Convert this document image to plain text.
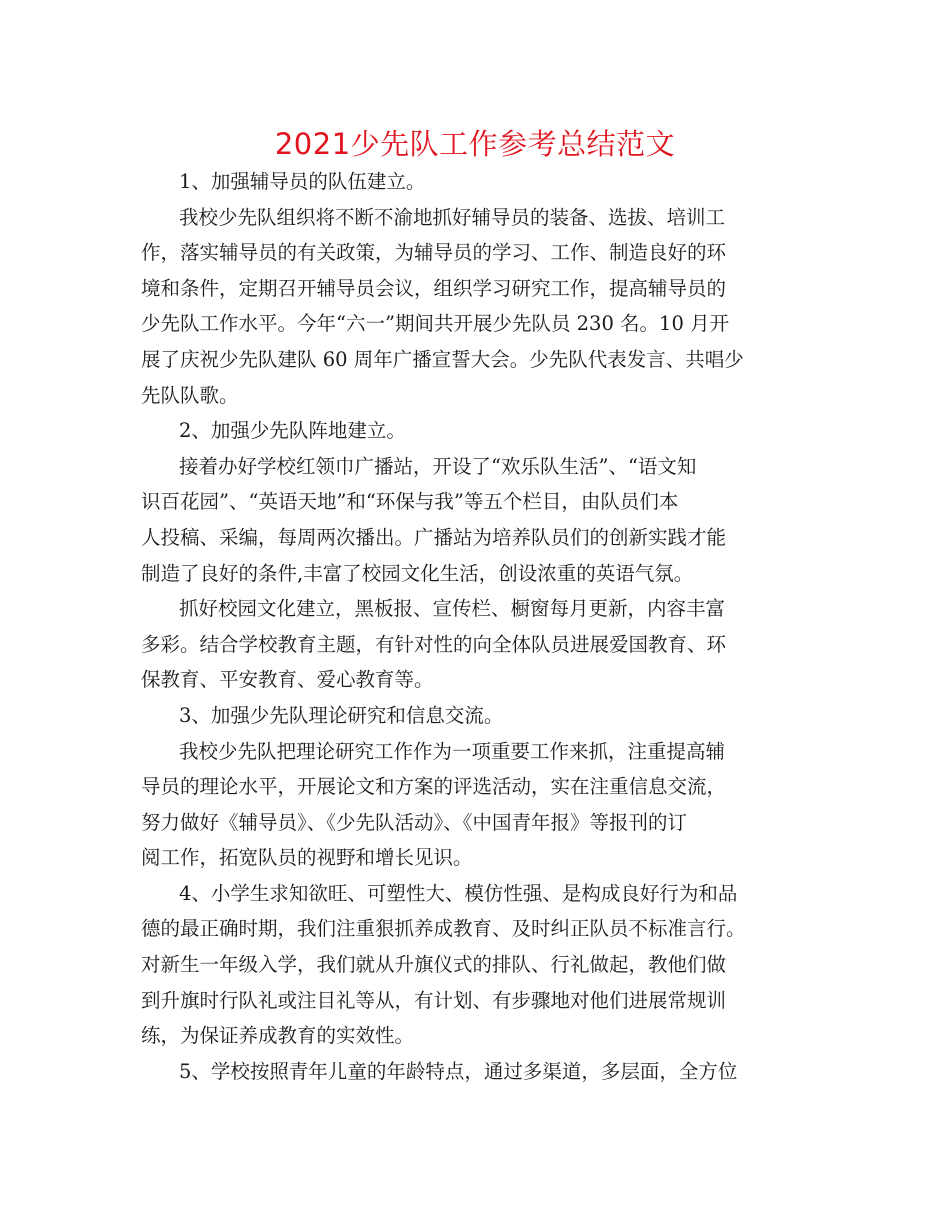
2021少先队工作参考总结范文
1、加强辅导员的队伍建立。
我校少先队组织将不断不渝地抓好辅导员的装备、选拔、培训工
作，落实辅导员的有关政策，为辅导员的学习、工作、制造良好的环
境和条件，定期召开辅导员会议，组织学习研究工作，提高辅导员的
少先队工作水平。今年“六一”期间共开展少先队员 230 名。10 月开
展了庆祝少先队建队 60 周年广播宣誓大会。少先队代表发言、共唱少
先队队歌。
2、加强少先队阵地建立。
接着办好学校红领巾广播站，开设了“欢乐队生活”、“语文知
识百花园”、“英语天地”和“环保与我”等五个栏目，由队员们本
人投稿、采编，每周两次播出。广播站为培养队员们的创新实践才能
制造了良好的条件,丰富了校园文化生活，创设浓重的英语气氛。
抓好校园文化建立，黑板报、宣传栏、橱窗每月更新，内容丰富
多彩。结合学校教育主题，有针对性的向全体队员进展爱国教育、环
保教育、平安教育、爱心教育等。
3、加强少先队理论研究和信息交流。
我校少先队把理论研究工作作为一项重要工作来抓，注重提高辅
导员的理论水平，开展论文和方案的评选活动，实在注重信息交流，
努力做好《辅导员》、《少先队活动》、《中国青年报》等报刊的订
阅工作，拓宽队员的视野和增长见识。
4、小学生求知欲旺、可塑性大、模仿性强、是构成良好行为和品
德的最正确时期，我们注重狠抓养成教育、及时纠正队员不标准言行。
对新生一年级入学，我们就从升旗仪式的排队、行礼做起，教他们做
到升旗时行队礼或注目礼等从，有计划、有步骤地对他们进展常规训
练，为保证养成教育的实效性。
5、学校按照青年儿童的年龄特点，通过多渠道，多层面，全方位
